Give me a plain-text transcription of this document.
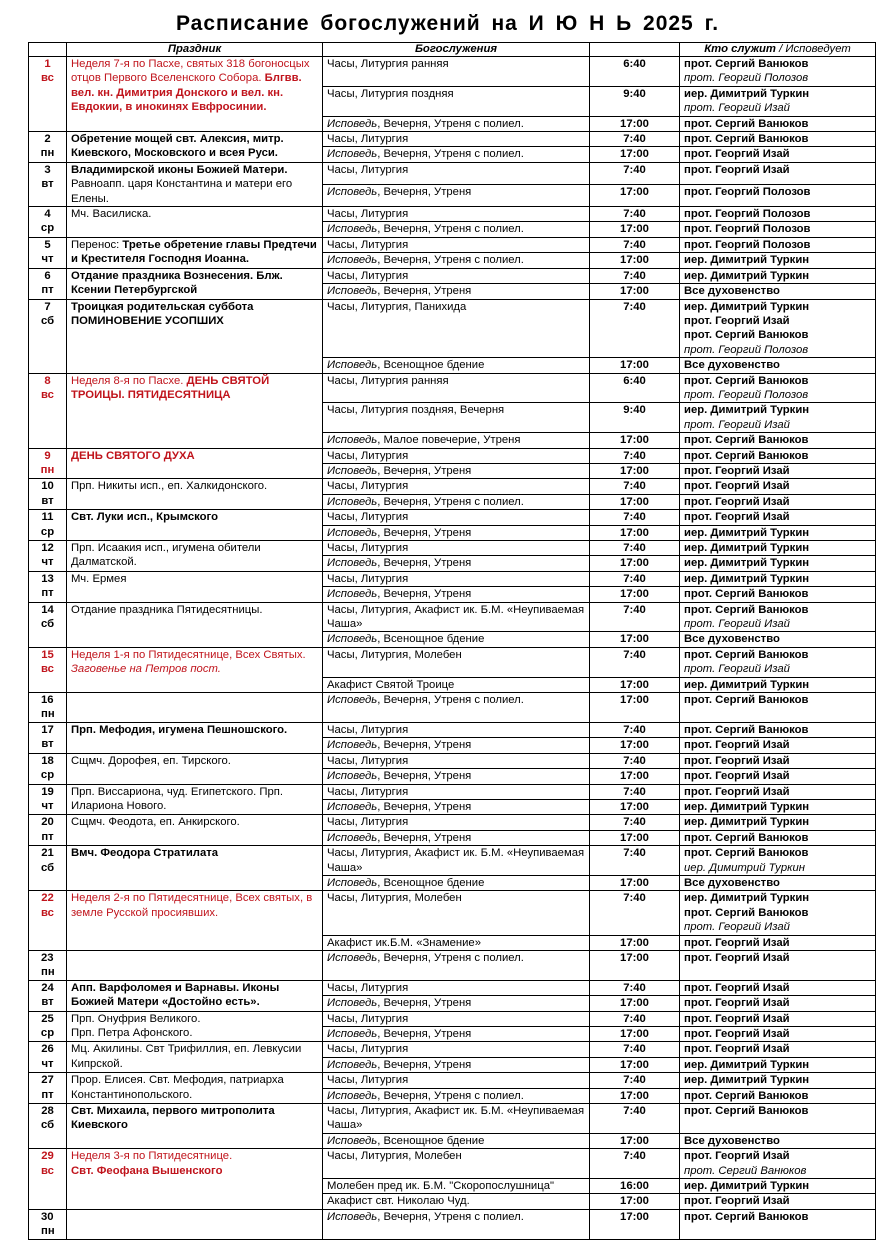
Расписание богослужений на И Ю Н Ь 2025 г.
	Праздник	Богослужения		Кто служит / Исповедует

1
вс	Неделя 7-я по Пасхе, святых 318 богоносцых отцов Первого Вселенского Собора. Блгвв. вел. кн. Димитрия Донского и вел. кн. Евдокии, в инокинях Евфросинии.	Часы, Литургия ранняя	6:40	прот. Сергий Ванюков
прот. Георгий Полозов

		Часы, Литургия поздняя	9:40	иер. Димитрий Туркин
прот. Георгий Изай

		Исповедь, Вечерня, Утреня с полиел.	17:00	прот. Сергий Ванюков

2
пн	Обретение мощей свт. Алексия, митр. Киевского, Московского и всея Руси.	Часы, Литургия	7:40	прот. Сергий Ванюков

		Исповедь, Вечерня, Утреня с полиел.	17:00	прот. Георгий Изай

3
вт	Владимирской иконы Божией Матери. Равноапп. царя Константина и матери его Елены.	Часы, Литургия	7:40	прот. Георгий Изай

		Исповедь, Вечерня, Утреня	17:00	прот. Георгий Полозов

4
ср	Мч. Василиска.	Часы, Литургия	7:40	прот. Георгий Полозов

		Исповедь, Вечерня, Утреня с полиел.	17:00	прот. Георгий Полозов

5
чт	Перенос: Третье обретение главы Предтечи и Крестителя Господня Иоанна.	Часы, Литургия	7:40	прот. Георгий Полозов

		Исповедь, Вечерня, Утреня с полиел.	17:00	иер. Димитрий Туркин

6
пт	Отдание праздника Вознесения. Блж. Ксении Петербургской	Часы, Литургия	7:40	иер. Димитрий Туркин

		Исповедь, Вечерня, Утреня	17:00	Все духовенство

7
сб	Троицкая родительская суббота ПОМИНОВЕНИЕ УСОПШИХ	Часы, Литургия, Панихида	7:40	иер. Димитрий Туркин
прот. Георгий Изай
прот. Сергий Ванюков
прот. Георгий Полозов

		Исповедь, Всенощное бдение	17:00	Все духовенство

8
вс	Неделя 8-я по Пасхе. ДЕНЬ СВЯТОЙ ТРОИЦЫ. ПЯТИДЕСЯТНИЦА	Часы, Литургия ранняя	6:40	прот. Сергий Ванюков
прот. Георгий Полозов

		Часы, Литургия поздняя, Вечерня	9:40	иер. Димитрий Туркин
прот. Георгий Изай

		Исповедь, Малое повечерие, Утреня	17:00	прот. Сергий Ванюков

9
пн	ДЕНЬ СВЯТОГО ДУХА	Часы, Литургия	7:40	прот. Сергий Ванюков

		Исповедь, Вечерня, Утреня	17:00	прот. Георгий Изай

10
вт	Прп. Никиты исп., еп. Халкидонского.	Часы, Литургия	7:40	прот. Георгий Изай

		Исповедь, Вечерня, Утреня с полиел.	17:00	прот. Георгий Изай

11
ср	Свт. Луки исп., Крымского	Часы, Литургия	7:40	прот. Георгий Изай

		Исповедь, Вечерня, Утреня	17:00	иер. Димитрий Туркин

12
чт	Прп. Исаакия исп., игумена обители Далматской.	Часы, Литургия	7:40	иер. Димитрий Туркин

		Исповедь, Вечерня, Утреня	17:00	иер. Димитрий Туркин

13
пт	Мч. Ермея	Часы, Литургия	7:40	иер. Димитрий Туркин

		Исповедь, Вечерня, Утреня	17:00	прот. Сергий Ванюков

14
сб	Отдание праздника Пятидесятницы.	Часы, Литургия, Акафист ик. Б.М. «Неупиваемая Чаша»	7:40	прот. Сергий Ванюков
прот. Георгий Изай

		Исповедь, Всенощное бдение	17:00	Все духовенство

15
вс	Неделя 1-я по Пятидесятнице, Всех Святых.
Заговенье на Петров пост.	Часы, Литургия, Молебен	7:40	прот. Сергий Ванюков
прот. Георгий Изай

		Акафист Святой Троице	17:00	иер. Димитрий Туркин

16 пн		Исповедь, Вечерня, Утреня с полиел.	17:00	прот. Сергий Ванюков

17
вт	Прп. Мефодия, игумена Пешношского.	Часы, Литургия	7:40	прот. Сергий Ванюков

		Исповедь, Вечерня, Утреня	17:00	прот. Георгий Изай

18
ср	Сщмч. Дорофея, еп. Тирского.	Часы, Литургия	7:40	прот. Георгий Изай

		Исповедь, Вечерня, Утреня	17:00	прот. Георгий Изай

19
чт	Прп. Виссариона, чуд. Египетского. Прп. Илариона Нового.	Часы, Литургия	7:40	прот. Георгий Изай

		Исповедь, Вечерня, Утреня	17:00	иер. Димитрий Туркин

20
пт	Сщмч. Феодота, еп. Анкирского.	Часы, Литургия	7:40	иер. Димитрий Туркин

		Исповедь, Вечерня, Утреня	17:00	прот. Сергий Ванюков

21
сб	Вмч. Феодора Стратилата	Часы, Литургия, Акафист ик. Б.М. «Неупиваемая Чаша»	7:40	прот. Сергий Ванюков
иер. Димитрий Туркин

		Исповедь, Всенощное бдение	17:00	Все духовенство

22
вс	Неделя 2-я по Пятидесятнице, Всех святых, в земле Русской просиявших.	Часы, Литургия, Молебен	7:40	иер. Димитрий Туркин
прот. Сергий Ванюков
прот. Георгий Изай

		Акафист ик.Б.М. «Знамение»	17:00	прот. Георгий Изай

23 пн		Исповедь, Вечерня, Утреня с полиел.	17:00	прот. Георгий Изай

24
вт	Апп. Варфоломея и Варнавы. Иконы Божией Матери «Достойно есть».	Часы, Литургия	7:40	прот. Георгий Изай

		Исповедь, Вечерня, Утреня	17:00	прот. Георгий Изай

25
ср	Прп. Онуфрия Великого.
Прп. Петра Афонского.	Часы, Литургия	7:40	прот. Георгий Изай

		Исповедь, Вечерня, Утреня	17:00	прот. Георгий Изай

26
чт	Мц. Акилины. Свт Трифиллия, еп. Левкусии Кипрской.	Часы, Литургия	7:40	прот. Георгий Изай

		Исповедь, Вечерня, Утреня	17:00	иер. Димитрий Туркин

27
пт	Прор. Елисея. Свт. Мефодия, патриарха Константинопольского.	Часы, Литургия	7:40	иер. Димитрий Туркин

		Исповедь, Вечерня, Утреня с полиел.	17:00	прот. Сергий Ванюков

28
сб	Свт. Михаила, первого митрополита Киевского	Часы, Литургия, Акафист ик. Б.М. «Неупиваемая Чаша»	7:40	прот. Сергий Ванюков

		Исповедь, Всенощное бдение	17:00	Все духовенство

29
вс	Неделя 3-я по Пятидесятнице.
Свт. Феофана Вышенского	Часы, Литургия, Молебен	7:40	прот. Георгий Изай
прот. Сергий Ванюков

		Молебен пред ик. Б.М. "Скоропослушница"	16:00	иер. Димитрий Туркин

		Акафист свт. Николаю Чуд.	17:00	прот. Георгий Изай

30 пн		Исповедь, Вечерня, Утреня с полиел.	17:00	прот. Сергий Ванюков
